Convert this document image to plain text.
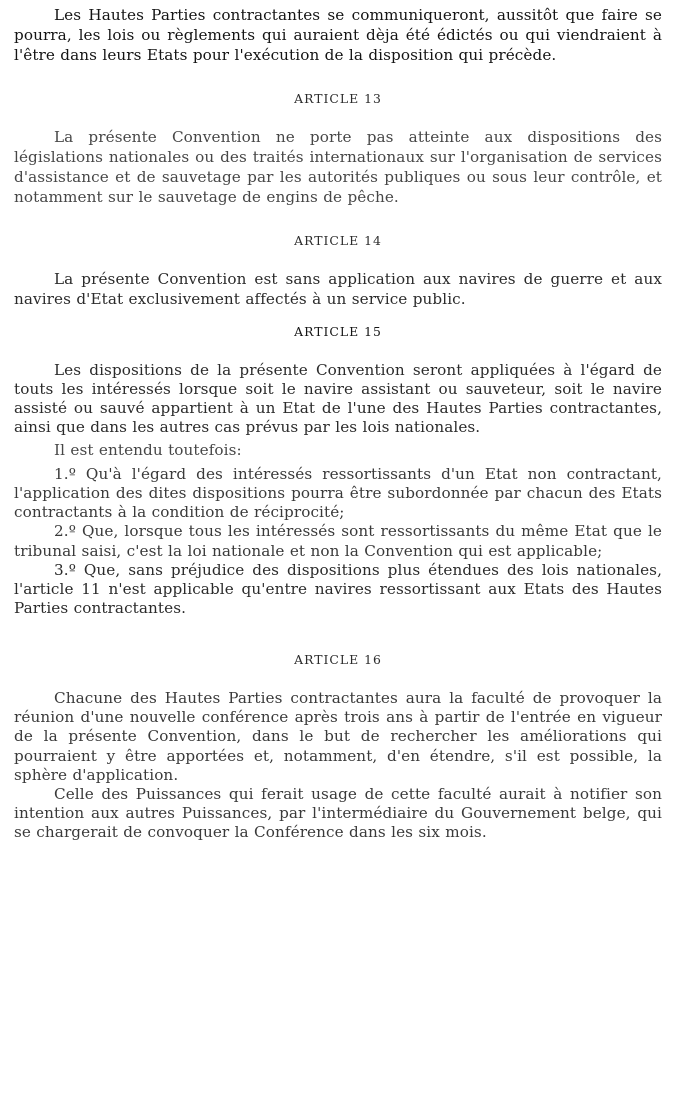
Les Hautes Parties contractantes se communiqueront, aussitôt que faire se pourra, les lois ou règlements qui auraient dèja été édictés ou qui viendraient à l'être dans leurs Etats pour l'exécution de la disposition qui précède.

ARTICLE 13

La présente Convention ne porte pas atteinte aux dispositions des législations nationales ou des traités internationaux sur l'organisation de services d'assistance et de sauvetage par les autorités publiques ou sous leur contrôle, et notamment sur le sauvetage de engins de pêche.

ARTICLE 14

La présente Convention est sans application aux navires de guerre et aux navires d'Etat exclusivement affectés à un service public.

ARTICLE 15

Les dispositions de la présente Convention seront appliquées à l'égard de touts les intéressés lorsque soit le navire assistant ou sauveteur, soit le navire assisté ou sauvé appartient à un Etat de l'une des Hautes Parties contractantes, ainsi que dans les autres cas prévus par les lois nationales.

Il est entendu toutefois:

1.º Qu'à l'égard des intéressés ressortissants d'un Etat non contractant, l'application des dites dispositions pourra être subordonnée par chacun des Etats contractants à la condition de réciprocité;

2.º Que, lorsque tous les intéressés sont ressortissants du même Etat que le tribunal saisi, c'est la loi nationale et non la Convention qui est applicable;

3.º Que, sans préjudice des dispositions plus étendues des lois nationales, l'article 11 n'est applicable qu'entre navires ressortissant aux Etats des Hautes Parties contractantes.

ARTICLE 16

Chacune des Hautes Parties contractantes aura la faculté de provoquer la réunion d'une nouvelle conférence après trois ans à partir de l'entrée en vigueur de la présente Convention, dans le but de rechercher les améliorations qui pourraient y être apportées et, notamment, d'en étendre, s'il est possible, la sphère d'application.

Celle des Puissances qui ferait usage de cette faculté aurait à notifier son intention aux autres Puissances, par l'intermédiaire du Gouvernement belge, qui se chargerait de convoquer la Conférence dans les six mois.
